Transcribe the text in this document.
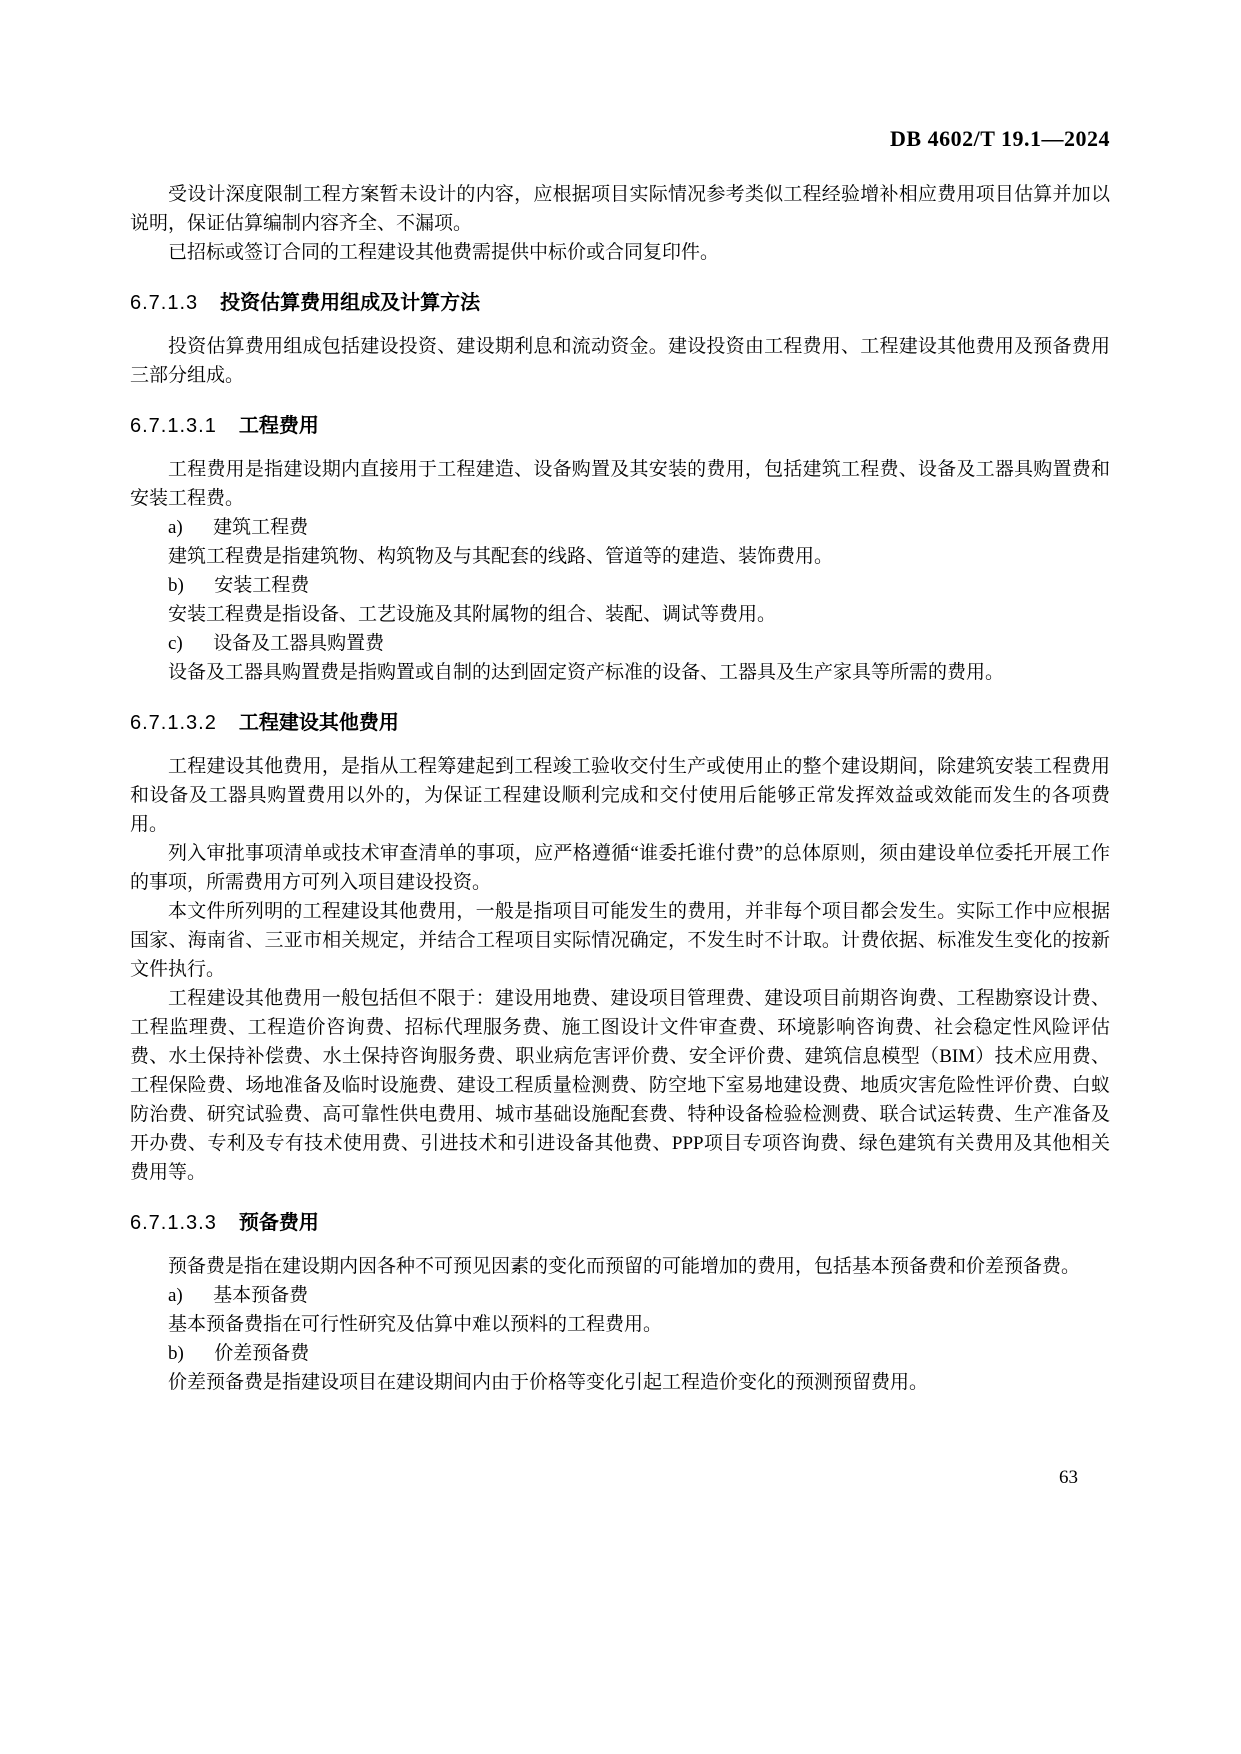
DB 4602/T 19.1—2024

受设计深度限制工程方案暂未设计的内容，应根据项目实际情况参考类似工程经验增补相应费用项目估算并加以说明，保证估算编制内容齐全、不漏项。

已招标或签订合同的工程建设其他费需提供中标价或合同复印件。

6.7.1.3 投资估算费用组成及计算方法

投资估算费用组成包括建设投资、建设期利息和流动资金。建设投资由工程费用、工程建设其他费用及预备费用三部分组成。

6.7.1.3.1 工程费用

工程费用是指建设期内直接用于工程建造、设备购置及其安装的费用，包括建筑工程费、设备及工器具购置费和安装工程费。

a) 建筑工程费

建筑工程费是指建筑物、构筑物及与其配套的线路、管道等的建造、装饰费用。

b) 安装工程费

安装工程费是指设备、工艺设施及其附属物的组合、装配、调试等费用。

c) 设备及工器具购置费

设备及工器具购置费是指购置或自制的达到固定资产标准的设备、工器具及生产家具等所需的费用。

6.7.1.3.2 工程建设其他费用

工程建设其他费用，是指从工程筹建起到工程竣工验收交付生产或使用止的整个建设期间，除建筑安装工程费用和设备及工器具购置费用以外的，为保证工程建设顺利完成和交付使用后能够正常发挥效益或效能而发生的各项费用。

列入审批事项清单或技术审查清单的事项，应严格遵循“谁委托谁付费”的总体原则，须由建设单位委托开展工作的事项，所需费用方可列入项目建设投资。

本文件所列明的工程建设其他费用，一般是指项目可能发生的费用，并非每个项目都会发生。实际工作中应根据国家、海南省、三亚市相关规定，并结合工程项目实际情况确定，不发生时不计取。计费依据、标准发生变化的按新文件执行。

工程建设其他费用一般包括但不限于：建设用地费、建设项目管理费、建设项目前期咨询费、工程勘察设计费、工程监理费、工程造价咨询费、招标代理服务费、施工图设计文件审查费、环境影响咨询费、社会稳定性风险评估费、水土保持补偿费、水土保持咨询服务费、职业病危害评价费、安全评价费、建筑信息模型（BIM）技术应用费、工程保险费、场地准备及临时设施费、建设工程质量检测费、防空地下室易地建设费、地质灾害危险性评价费、白蚁防治费、研究试验费、高可靠性供电费用、城市基础设施配套费、特种设备检验检测费、联合试运转费、生产准备及开办费、专利及专有技术使用费、引进技术和引进设备其他费、PPP项目专项咨询费、绿色建筑有关费用及其他相关费用等。

6.7.1.3.3 预备费用

预备费是指在建设期内因各种不可预见因素的变化而预留的可能增加的费用，包括基本预备费和价差预备费。

a) 基本预备费

基本预备费指在可行性研究及估算中难以预料的工程费用。

b) 价差预备费

价差预备费是指建设项目在建设期间内由于价格等变化引起工程造价变化的预测预留费用。

63
